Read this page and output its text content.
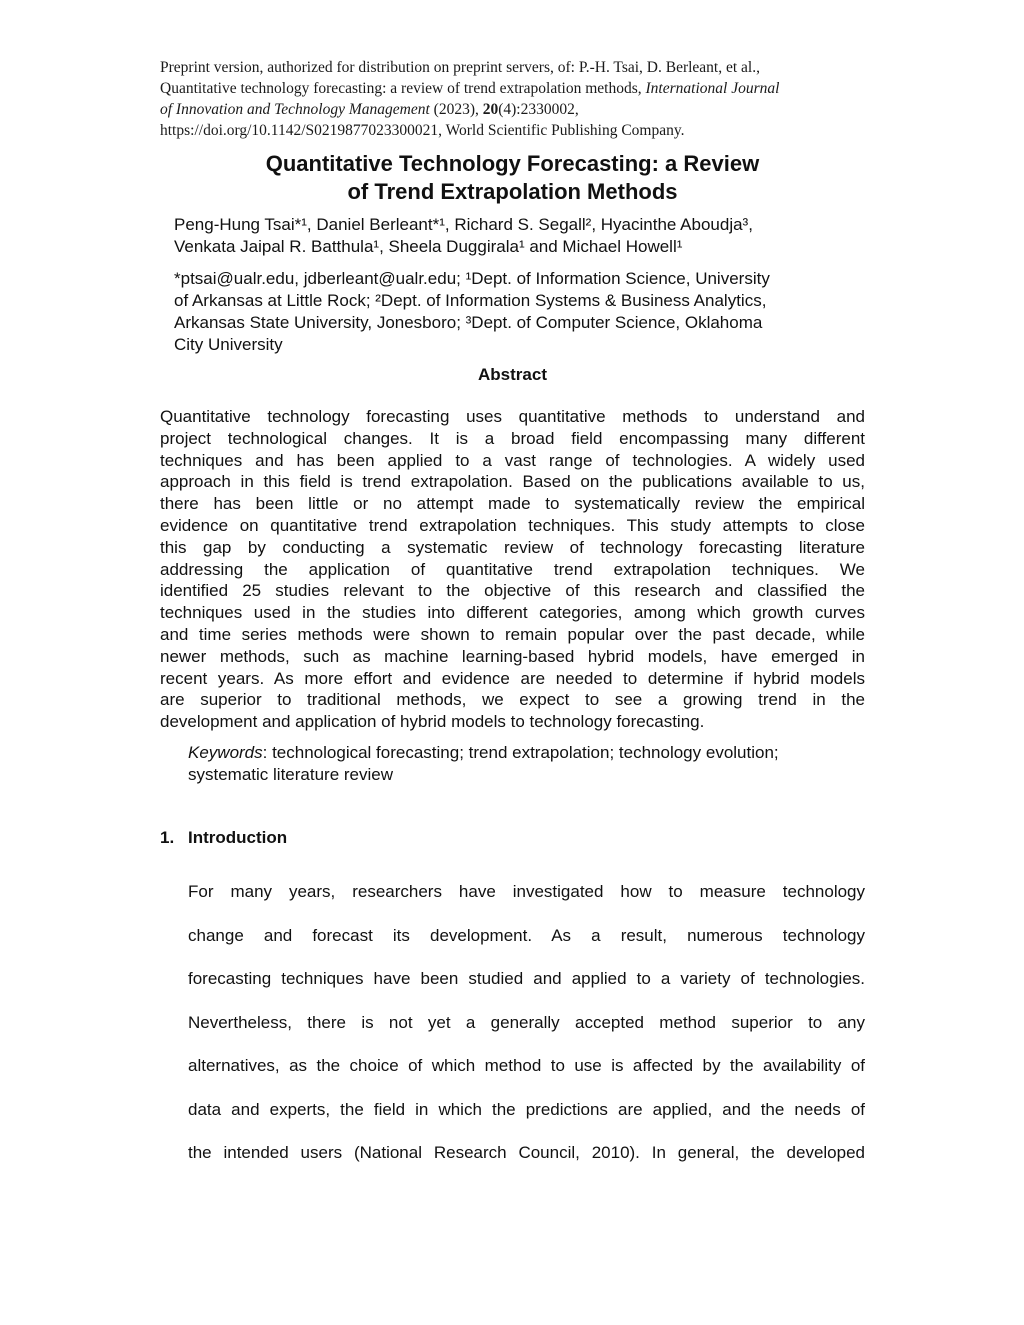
Preprint version, authorized for distribution on preprint servers, of: P.-H. Tsai, D. Berleant, et al.,

Quantitative technology forecasting: a review of trend extrapolation methods, International Journal

of Innovation and Technology Management (2023), 20(4):2330002,

https://doi.org/10.1142/S0219877023300021, World Scientific Publishing Company.

Quantitative Technology Forecasting: a Review
of Trend Extrapolation Methods

Peng-Hung Tsai*¹, Daniel Berleant*¹, Richard S. Segall², Hyacinthe Aboudja³,
Venkata Jaipal R. Batthula¹, Sheela Duggirala¹ and Michael Howell¹

*ptsai@ualr.edu, jdberleant@ualr.edu; ¹Dept. of Information Science, University
of Arkansas at Little Rock; ²Dept. of Information Systems & Business Analytics,
Arkansas State University, Jonesboro; ³Dept. of Computer Science, Oklahoma
City University

Abstract

Quantitative technology forecasting uses quantitative methods to understand and
project technological changes. It is a broad field encompassing many different
techniques and has been applied to a vast range of technologies. A widely used
approach in this field is trend extrapolation. Based on the publications available to us,
there has been little or no attempt made to systematically review the empirical
evidence on quantitative trend extrapolation techniques. This study attempts to close
this gap by conducting a systematic review of technology forecasting literature
addressing the application of quantitative trend extrapolation techniques. We
identified 25 studies relevant to the objective of this research and classified the
techniques used in the studies into different categories, among which growth curves
and time series methods were shown to remain popular over the past decade, while
newer methods, such as machine learning-based hybrid models, have emerged in
recent years. As more effort and evidence are needed to determine if hybrid models
are superior to traditional methods, we expect to see a growing trend in the
development and application of hybrid models to technology forecasting.

Keywords: technological forecasting; trend extrapolation; technology evolution;
systematic literature review

1. Introduction

For many years, researchers have investigated how to measure technology
change and forecast its development. As a result, numerous technology
forecasting techniques have been studied and applied to a variety of technologies.
Nevertheless, there is not yet a generally accepted method superior to any
alternatives, as the choice of which method to use is affected by the availability of
data and experts, the field in which the predictions are applied, and the needs of
the intended users (National Research Council, 2010). In general, the developed
